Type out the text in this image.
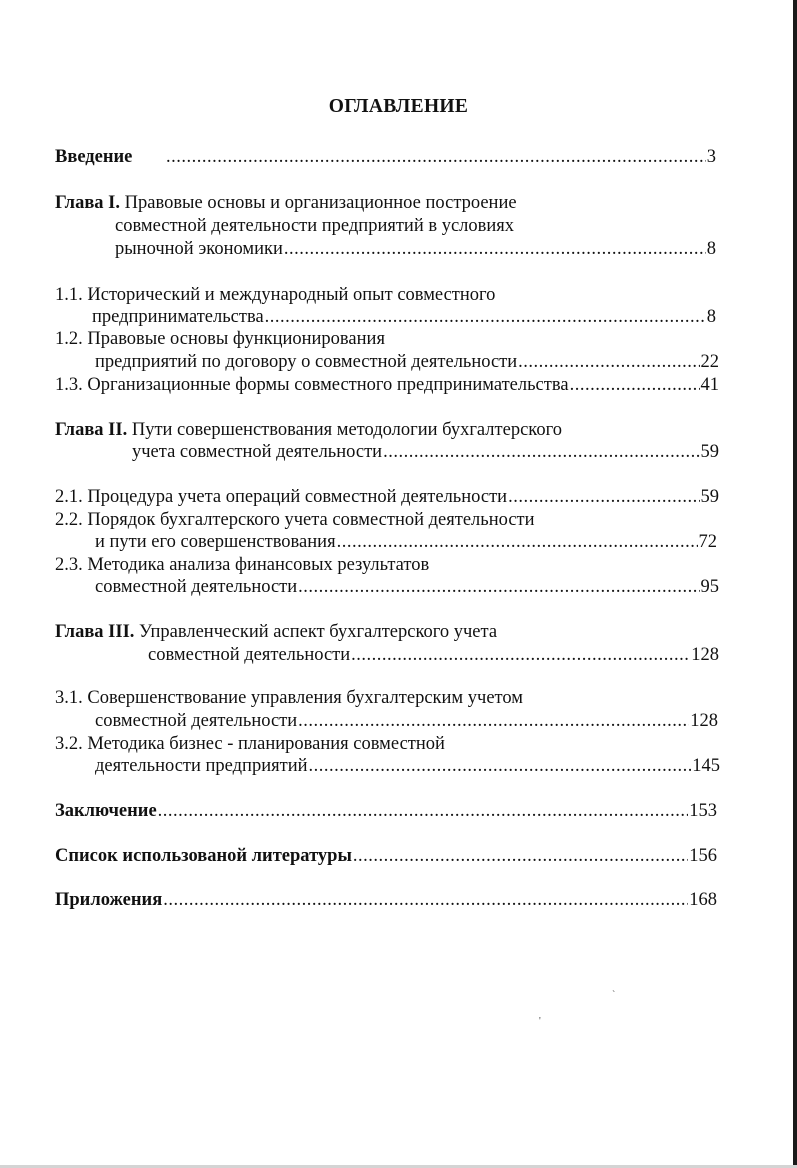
ОГЛАВЛЕНИЕ
Введение .....	3
Глава I. Правовые основы и организационное построение
совместной деятельности предприятий в условиях
рыночной экономики .....	8
1.1. Исторический и международный опыт совместного
предпринимательства .....	8
1.2. Правовые основы функционирования
предприятий по договору о совместной деятельности .....	22
1.3. Организационные формы совместного предпринимательства .....	41
Глава II. Пути совершенствования методологии бухгалтерского
учета совместной деятельности .....	59
2.1. Процедура учета операций совместной деятельности .....	59
2.2. Порядок бухгалтерского учета совместной деятельности
и пути его совершенствования .....	72
2.3. Методика анализа финансовых результатов
совместной деятельности .....	95
Глава III. Управленческий аспект бухгалтерского учета
совместной деятельности .....	128
3.1. Совершенствование управления бухгалтерским учетом
совместной деятельности .....	128
3.2. Методика бизнес - планирования совместной
деятельности предприятий .....	145
Заключение .....	153
Список использованой литературы .....	156
Приложения .....	168
`
'
